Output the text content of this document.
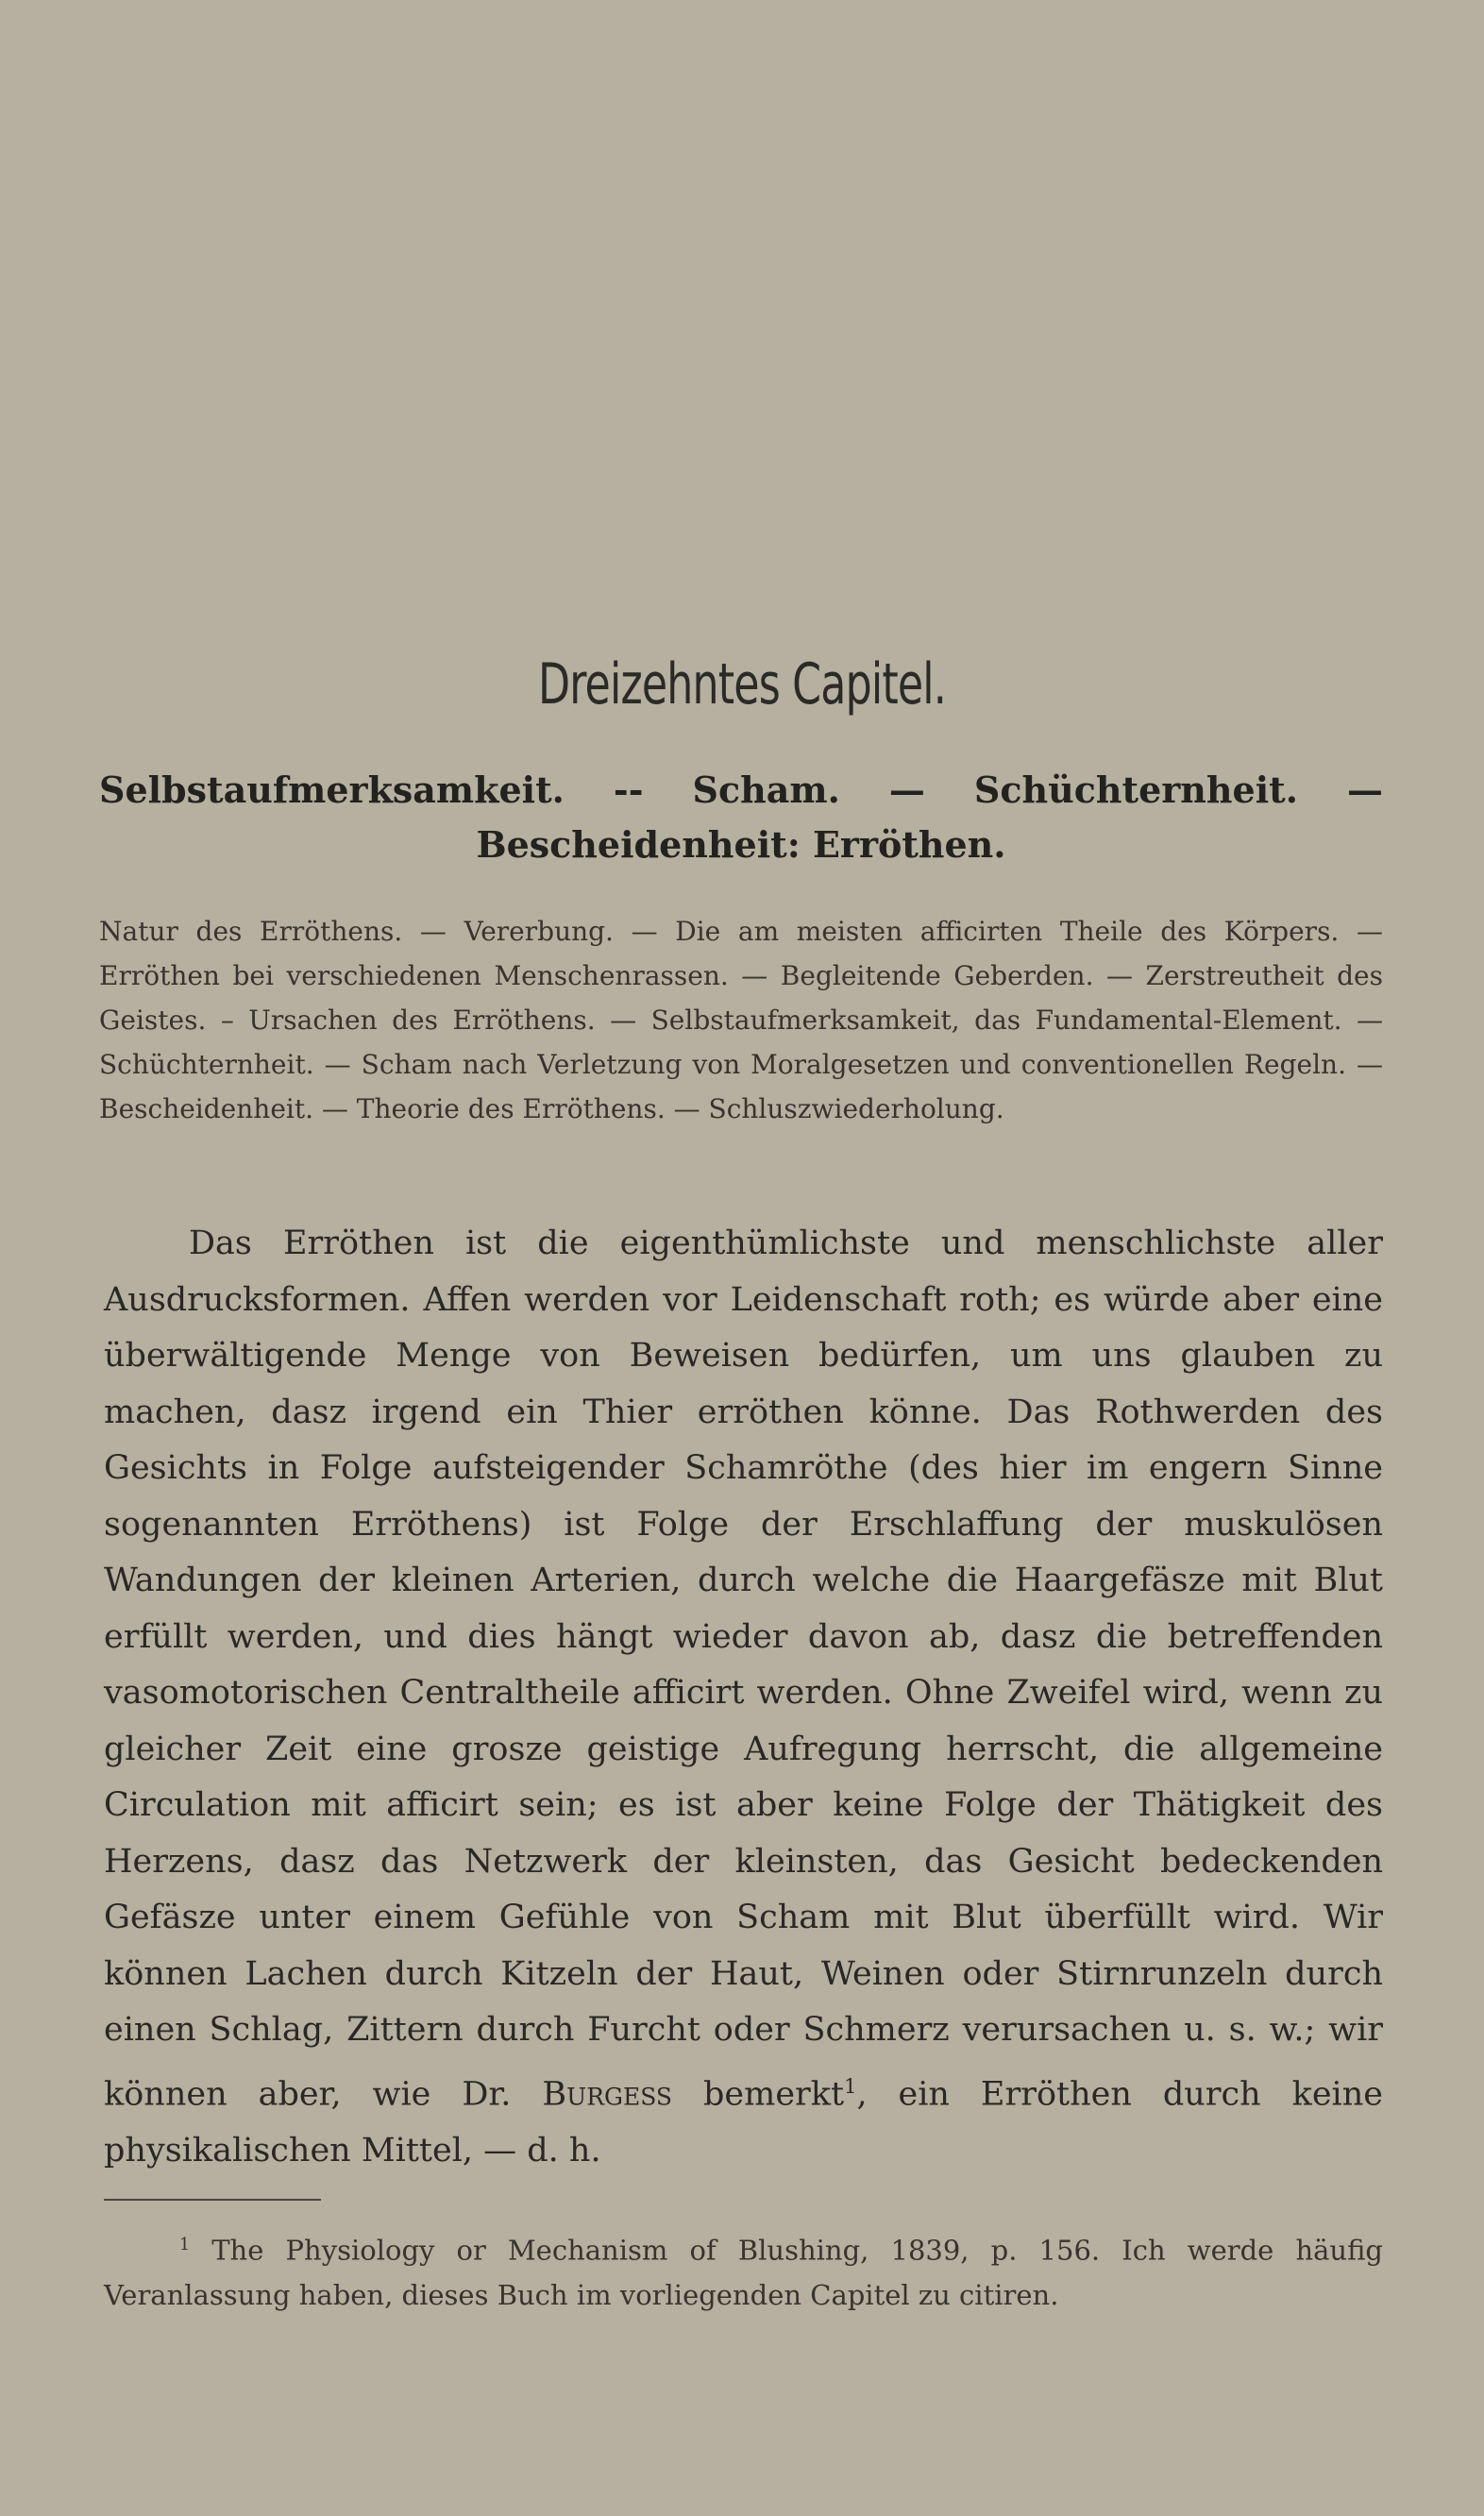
Dreizehntes Capitel.
Selbstaufmerksamkeit. -- Scham. — Schüchternheit. — Bescheidenheit: Erröthen.

Natur des Erröthens. — Vererbung. — Die am meisten afficirten Theile des Körpers. — Erröthen bei verschiedenen Menschenrassen. — Begleitende Geberden. — Zerstreutheit des Geistes. – Ursachen des Erröthens. — Selbstaufmerksamkeit, das Fundamental-Element. — Schüchternheit. — Scham nach Verletzung von Moralgesetzen und conventionellen Regeln. — Bescheidenheit. — Theorie des Erröthens. — Schluszwiederholung.

Das Erröthen ist die eigenthümlichste und menschlichste aller Ausdrucksformen. Affen werden vor Leidenschaft roth; es würde aber eine überwältigende Menge von Beweisen bedürfen, um uns glauben zu machen, dasz irgend ein Thier erröthen könne. Das Rothwerden des Gesichts in Folge aufsteigender Schamröthe (des hier im engern Sinne sogenannten Erröthens) ist Folge der Erschlaffung der muskulösen Wandungen der kleinen Arterien, durch welche die Haargefäsze mit Blut erfüllt werden, und dies hängt wieder davon ab, dasz die betreffenden vasomotorischen Centraltheile afficirt werden. Ohne Zweifel wird, wenn zu gleicher Zeit eine grosze geistige Aufregung herrscht, die allgemeine Circulation mit afficirt sein; es ist aber keine Folge der Thätigkeit des Herzens, dasz das Netzwerk der kleinsten, das Gesicht bedeckenden Gefäsze unter einem Gefühle von Scham mit Blut überfüllt wird. Wir können Lachen durch Kitzeln der Haut, Weinen oder Stirnrunzeln durch einen Schlag, Zittern durch Furcht oder Schmerz verursachen u. s. w.; wir können aber, wie Dr. Burgess bemerkt$^1$, ein Erröthen durch keine physikalischen Mittel, — d. h.

$^1$ The Physiology or Mechanism of Blushing, 1839, p. 156. Ich werde häufig Veranlassung haben, dieses Buch im vorliegenden Capitel zu citiren.
